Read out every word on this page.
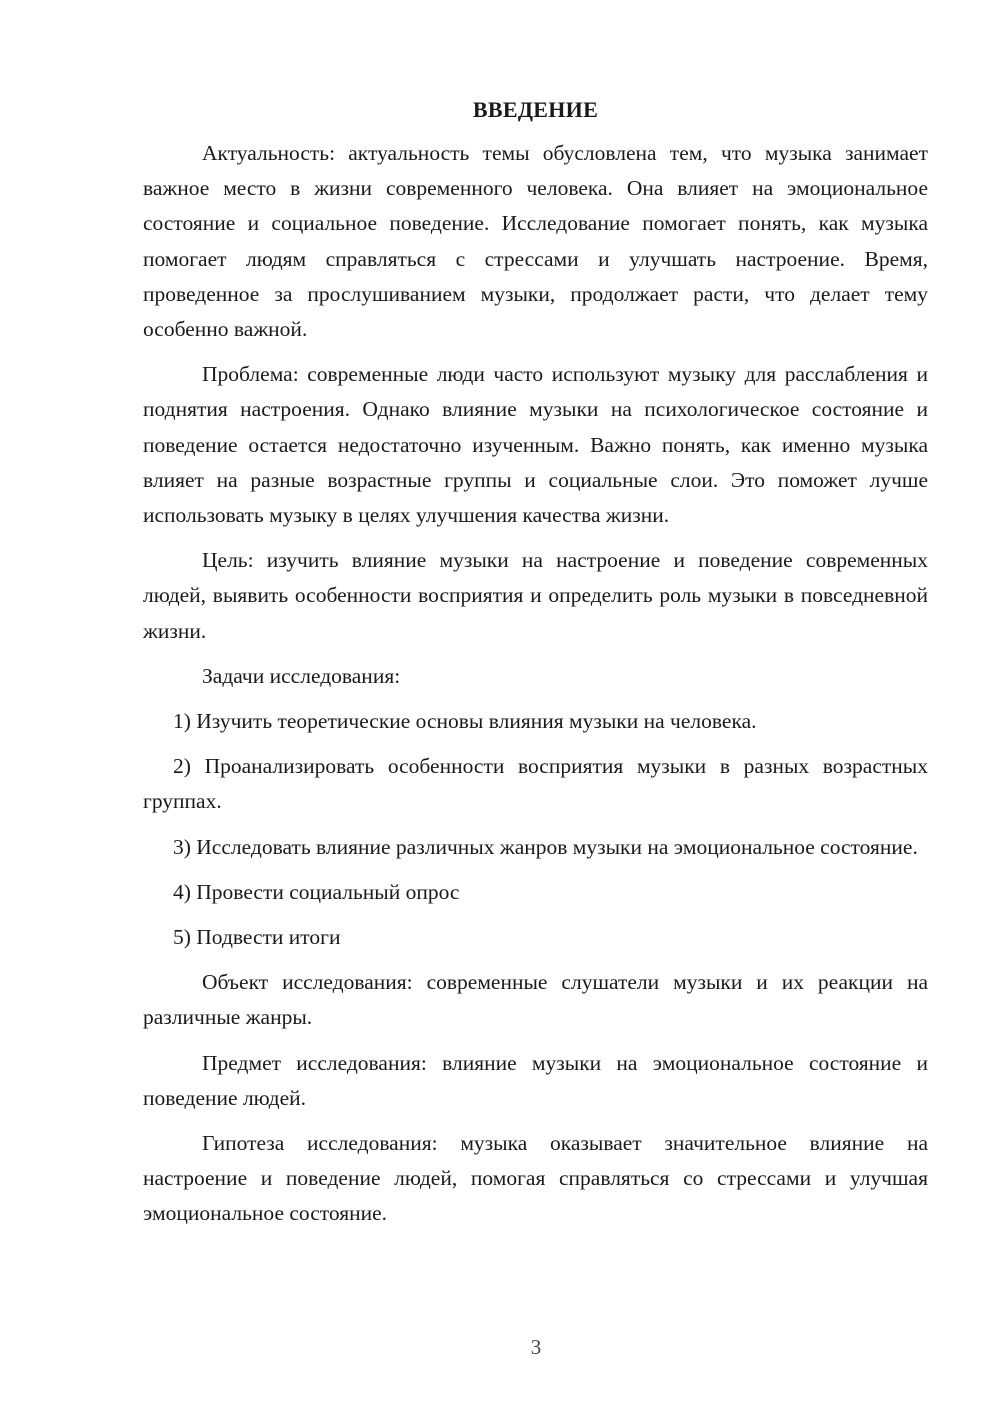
ВВЕДЕНИЕ

Актуальность: актуальность темы обусловлена тем, что музыка занимает важное место в жизни современного человека. Она влияет на эмоциональное состояние и социальное поведение. Исследование помогает понять, как музыка помогает людям справляться с стрессами и улучшать настроение. Время, проведенное за прослушиванием музыки, продолжает расти, что делает тему особенно важной.

Проблема: современные люди часто используют музыку для расслабления и поднятия настроения. Однако влияние музыки на психологическое состояние и поведение остается недостаточно изученным. Важно понять, как именно музыка влияет на разные возрастные группы и социальные слои. Это поможет лучше использовать музыку в целях улучшения качества жизни.

Цель: изучить влияние музыки на настроение и поведение современных людей, выявить особенности восприятия и определить роль музыки в повседневной жизни.

Задачи исследования:

1) Изучить теоретические основы влияния музыки на человека.

2) Проанализировать особенности восприятия музыки в разных возрастных группах.

3) Исследовать влияние различных жанров музыки на эмоциональное состояние.

4) Провести социальный опрос

5) Подвести итоги

Объект исследования: современные слушатели музыки и их реакции на различные жанры.

Предмет исследования: влияние музыки на эмоциональное состояние и поведение людей.

Гипотеза исследования: музыка оказывает значительное влияние на настроение и поведение людей, помогая справляться со стрессами и улучшая эмоциональное состояние.

3
